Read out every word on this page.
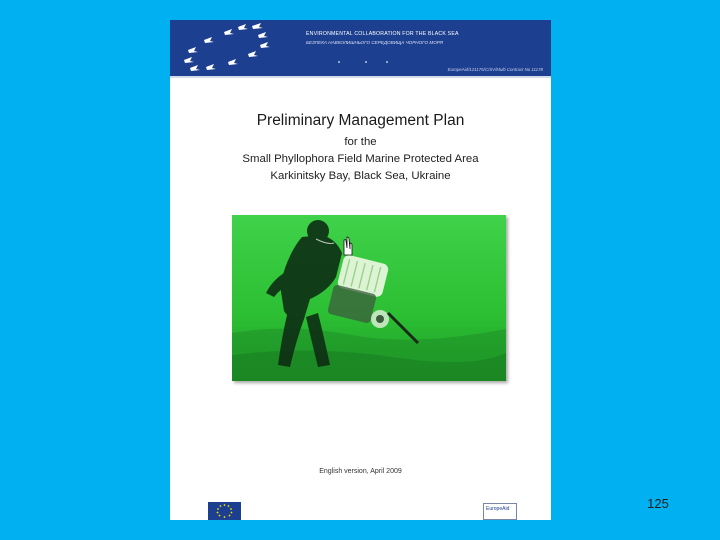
ENVIRONMENTAL COLLABORATION FOR THE BLACK SEA
БЕЗПЕКА НАВКОЛИШНЬОГО СЕРЕДОВИЩА ЧОРНОГО МОРЯ
EuropeAid/121175/C/SV/Multi Contract No 11178
Preliminary Management Plan
for the
Small Phyllophora Field Marine Protected Area
Karkinitsky Bay, Black Sea, Ukraine
English version, April 2009
EuropeAid	125
